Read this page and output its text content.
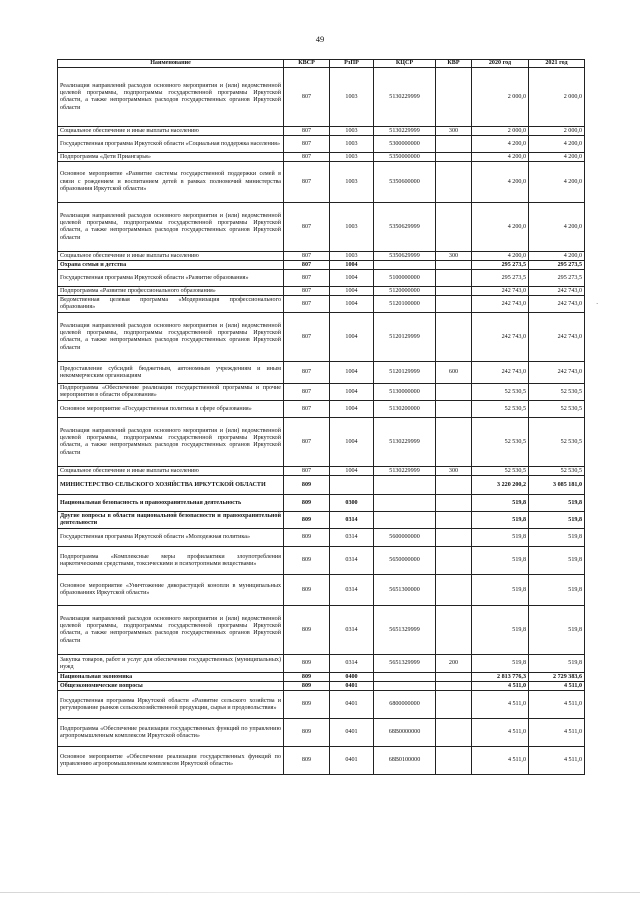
49
Наименование	КВСР	РзПР	КЦСР	КВР	2020 год	2021 год
Реализация направлений расходов основного мероприятия и (или) ведомственной целевой программы, подпрограммы государственной программы Иркутской области, а также непрограммных расходов государственных органов Иркутской области	807	1003	5130229999		2 000,0	2 000,0
Социальное обеспечение и иные выплаты населению	807	1003	5130229999	300	2 000,0	2 000,0
Государственная программа Иркутской области «Социальная поддержка населения»	807	1003	5300000000		4 200,0	4 200,0
Подпрограмма «Дети Приангарья»	807	1003	5350000000		4 200,0	4 200,0
Основное мероприятие «Развитие системы государственной поддержки семей в связи с рождением и воспитанием детей в рамках полномочий министерства образования Иркутской области»	807	1003	5350600000		4 200,0	4 200,0
Реализация направлений расходов основного мероприятия и (или) ведомственной целевой программы, подпрограммы государственной программы Иркутской области, а также непрограммных расходов государственных органов Иркутской области	807	1003	5350629999		4 200,0	4 200,0
Социальное обеспечение и иные выплаты населению	807	1003	5350629999	300	4 200,0	4 200,0
Охрана семьи и детства	807	1004			295 273,5	295 273,5
Государственная программа Иркутской области «Развитие образования»	807	1004	5100000000		295 273,5	295 273,5
Подпрограмма «Развитие профессионального образования»	807	1004	5120000000		242 743,0	242 743,0
Ведомственная целевая программа «Модернизация профессионального образования»	807	1004	5120100000		242 743,0	242 743,0
Реализация направлений расходов основного мероприятия и (или) ведомственной целевой программы, подпрограммы государственной программы Иркутской области, а также непрограммных расходов государственных органов Иркутской области	807	1004	5120129999		242 743,0	242 743,0
Предоставление субсидий бюджетным, автономным учреждениям и иным некоммерческим организациям	807	1004	5120129999	600	242 743,0	242 743,0
Подпрограмма «Обеспечение реализации государственной программы и прочие мероприятия в области образования»	807	1004	5130000000		52 530,5	52 530,5
Основное мероприятие «Государственная политика в сфере образования»	807	1004	5130200000		52 530,5	52 530,5
Реализация направлений расходов основного мероприятия и (или) ведомственной целевой программы, подпрограммы государственной программы Иркутской области, а также непрограммных расходов государственных органов Иркутской области	807	1004	5130229999		52 530,5	52 530,5
Социальное обеспечение и иные выплаты населению	807	1004	5130229999	300	52 530,5	52 530,5
МИНИСТЕРСТВО СЕЛЬСКОГО ХОЗЯЙСТВА ИРКУТСКОЙ ОБЛАСТИ	809				3 220 200,2	3 085 181,0
Национальная безопасность и правоохранительная деятельность	809	0300			519,8	519,8
Другие вопросы в области национальной безопасности и правоохранительной деятельности	809	0314			519,8	519,8
Государственная программа Иркутской области «Молодежная политика»	809	0314	5600000000		519,8	519,8
Подпрограмма «Комплексные меры профилактики злоупотребления наркотическими средствами, токсическими и психотропными веществами»	809	0314	5650000000		519,8	519,8
Основное мероприятие «Уничтожение дикорастущей конопли в муниципальных образованиях Иркутской области»	809	0314	5651300000		519,8	519,8
Реализация направлений расходов основного мероприятия и (или) ведомственной целевой программы, подпрограммы государственной программы Иркутской области, а также непрограммных расходов государственных органов Иркутской области	809	0314	5651329999		519,8	519,8
Закупка товаров, работ и услуг для обеспечения государственных (муниципальных) нужд	809	0314	5651329999	200	519,8	519,8
Национальная экономика	809	0400			2 813 776,3	2 729 383,6
Общеэкономические вопросы	809	0401			4 511,0	4 511,0
Государственная программа Иркутской области «Развитие сельского хозяйства и регулирование рынков сельскохозяйственной продукции, сырья и продовольствия»	809	0401	6800000000		4 511,0	4 511,0
Подпрограмма «Обеспечение реализации государственных функций по управлению агропромышленным комплексом Иркутской области»	809	0401	68В0000000		4 511,0	4 511,0
Основное мероприятие «Обеспечение реализации государственных функций по управлению агропромышленным комплексом Иркутской области»	809	0401	68В0100000		4 511,0	4 511,0
´
